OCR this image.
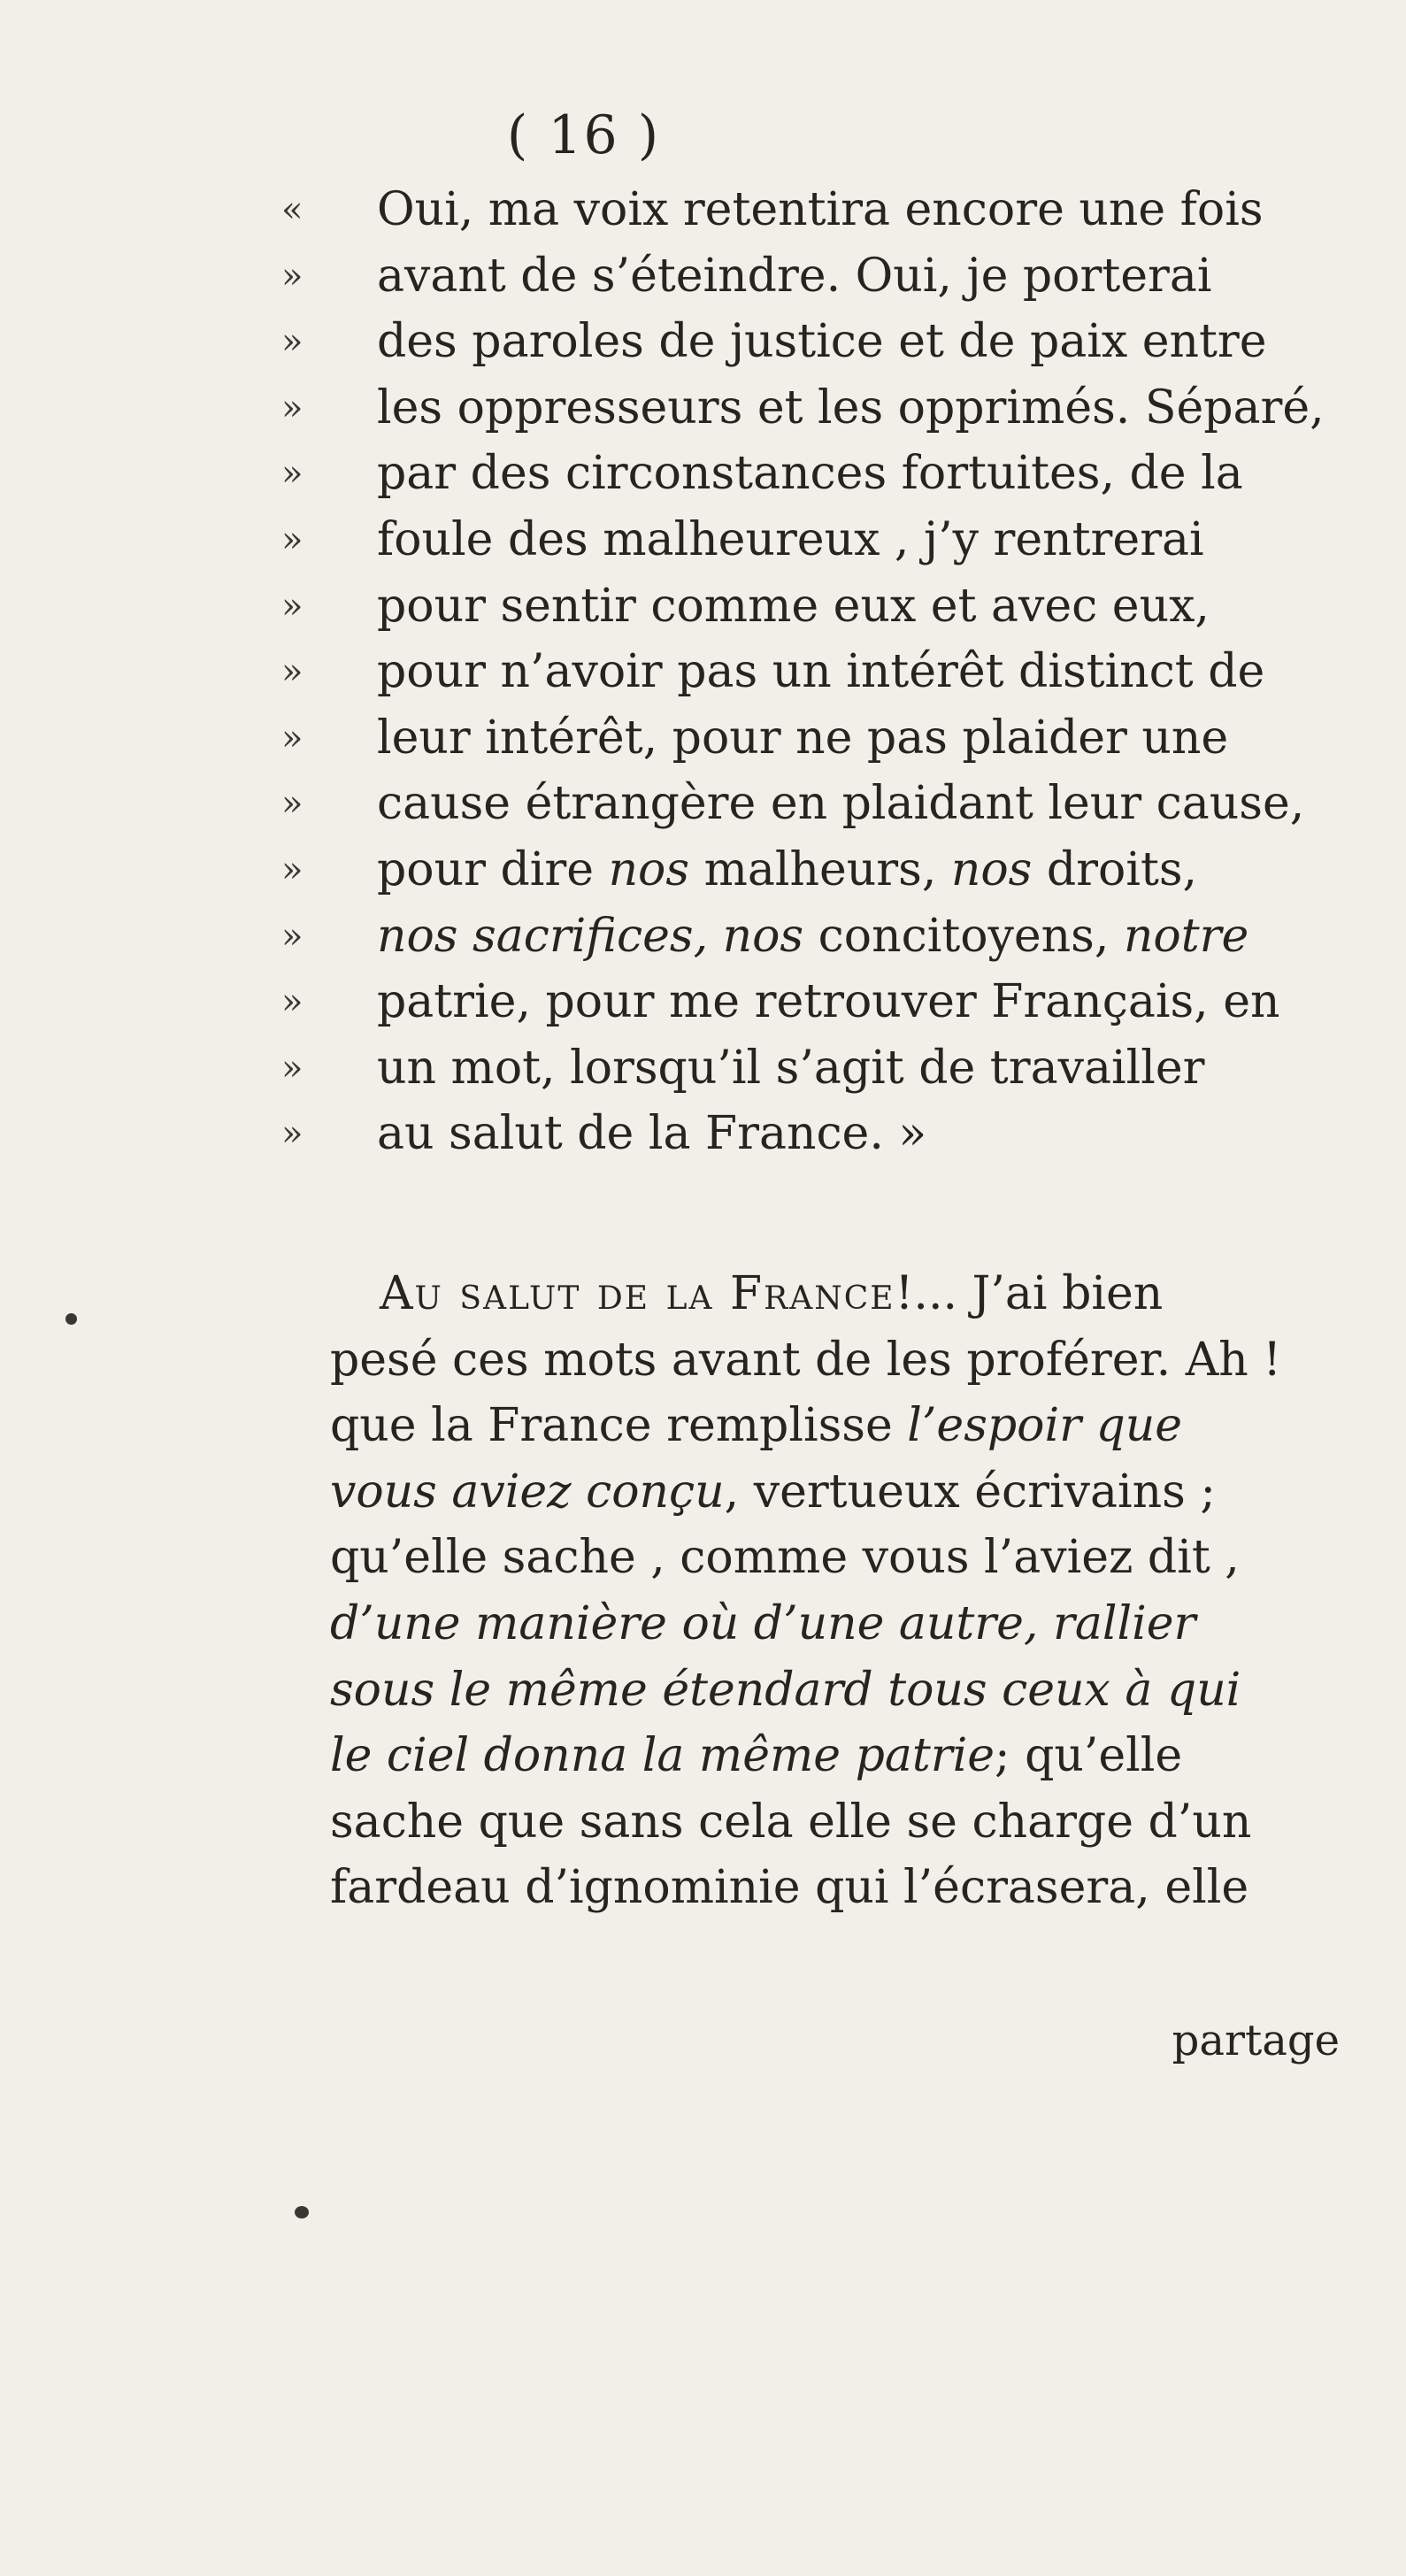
( 16 )
«	Oui, ma voix retentira encore une fois
»	avant de s’éteindre. Oui, je porterai
»	des paroles de justice et de paix entre
»	les oppresseurs et les opprimés. Séparé,
»	par des circonstances fortuites, de la
»	foule des malheureux , j’y rentrerai
»	pour sentir comme eux et avec eux,
»	pour n’avoir pas un intérêt distinct de
»	leur intérêt, pour ne pas plaider une
»	cause étrangère en plaidant leur cause,
»	pour dire nos malheurs, nos droits,
»	nos sacrifices, nos concitoyens, notre
»	patrie, pour me retrouver Français, en
»	un mot, lorsqu’il s’agit de travailler
»	au salut de la France. »
Au salut de la France!... J’ai bien
pesé ces mots avant de les proférer. Ah !
que la France remplisse l’espoir que
vous aviez conçu, vertueux écrivains ;
qu’elle sache , comme vous l’aviez dit ,
d’une manière où d’une autre, rallier
sous le même étendard tous ceux à qui
le ciel donna la même patrie; qu’elle
sache que sans cela elle se charge d’un
fardeau d’ignominie qui l’écrasera, elle
partage
